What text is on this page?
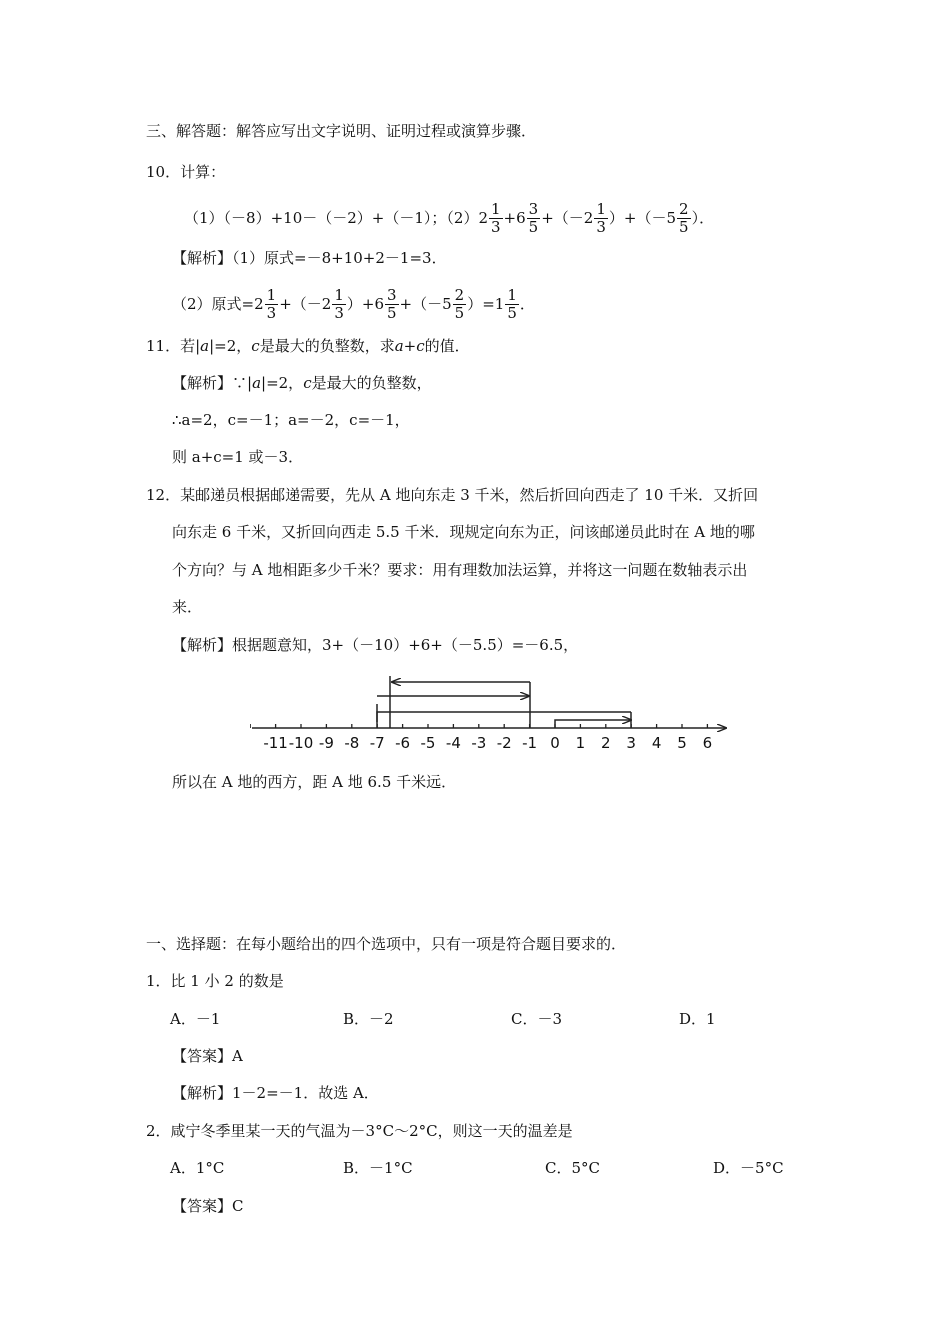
三、解答题：解答应写出文字说明、证明过程或演算步骤．
10．计算：
（1）（－8）+10－（－2）+（－1）；（2） $2 \frac{1}{3} +6 \frac{3}{5} +(-2 \frac{1}{3} )+(-5 \frac{2}{5}$ ）．
【解析】（1）原式=－8+10+2－1=3．
（2）原式$=2 \frac{1}{3} +(-2 \frac{1}{3} )+6 \frac{3}{5} +(-5 \frac{2}{5} )=1 \frac{1}{5}$ ．
11．若|a|=2，c是最大的负整数，求a+c的值．
【解析】∵|a|=2，c是最大的负整数，
∴a=2，c=－1；a=－2，c=－1，
则 a+c=1 或－3．
12．某邮递员根据邮递需要，先从 A 地向东走 3 千米，然后折回向西走了 10 千米．又折回
向东走 6 千米，又折回向西走 5.5 千米．现规定向东为正，问该邮递员此时在 A 地的哪
个方向？与 A 地相距多少千米？要求：用有理数加法运算，并将这一问题在数轴表示出
来．
【解析】根据题意知，3+（－10）+6+（－5.5）=－6.5，
-11 -10 -9 -8 -7 -6 -5 -4 -3 -2 -1 0 1 2 3 4 5 6
所以在 A 地的西方，距 A 地 6.5 千米远．
一、选择题：在每小题给出的四个选项中，只有一项是符合题目要求的．
1．比 1 小 2 的数是
A．－1	B．－2	C．－3	D．1
【答案】A
【解析】1－2=－1．故选 A．
2．咸宁冬季里某一天的气温为－3°C～2°C，则这一天的温差是
A．1°C	B．－1°C	C．5°C	D．－5°C
【答案】C
